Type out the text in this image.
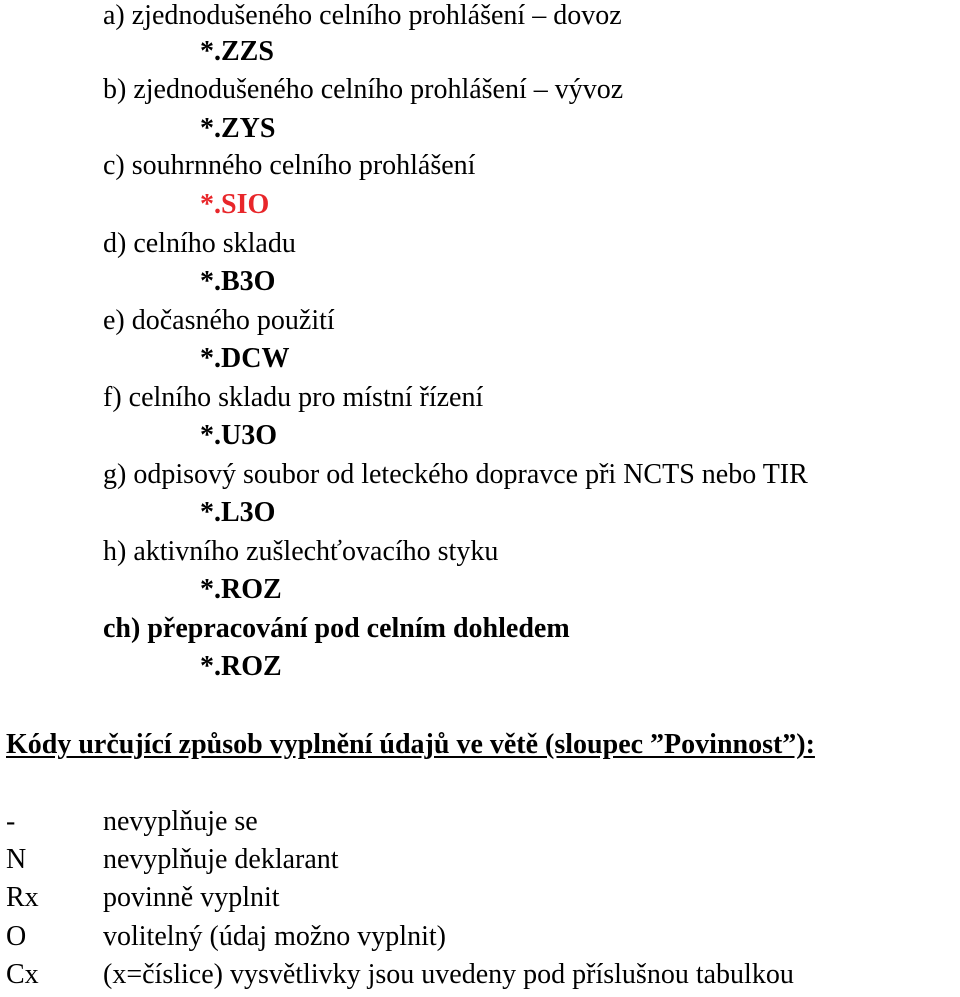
a) zjednodušeného celního prohlášení – dovoz
*.ZZS
b) zjednodušeného celního prohlášení – vývoz
*.ZYS
c) souhrnného celního prohlášení
*.SIO
d) celního skladu
*.B3O
e) dočasného použití
*.DCW
f) celního skladu pro místní řízení
*.U3O
g) odpisový soubor od leteckého dopravce při NCTS nebo TIR
*.L3O
h) aktivního zušlechťovacího styku
*.ROZ
ch) přepracování pod celním dohledem
*.ROZ
Kódy určující způsob vyplnění údajů ve větě (sloupec ”Povinnost”):
-	nevyplňuje se
N	nevyplňuje deklarant
Rx povinně vyplnit
O	volitelný (údaj možno vyplnit)
Cx (x=číslice) vysvětlivky jsou uvedeny pod příslušnou tabulkou
